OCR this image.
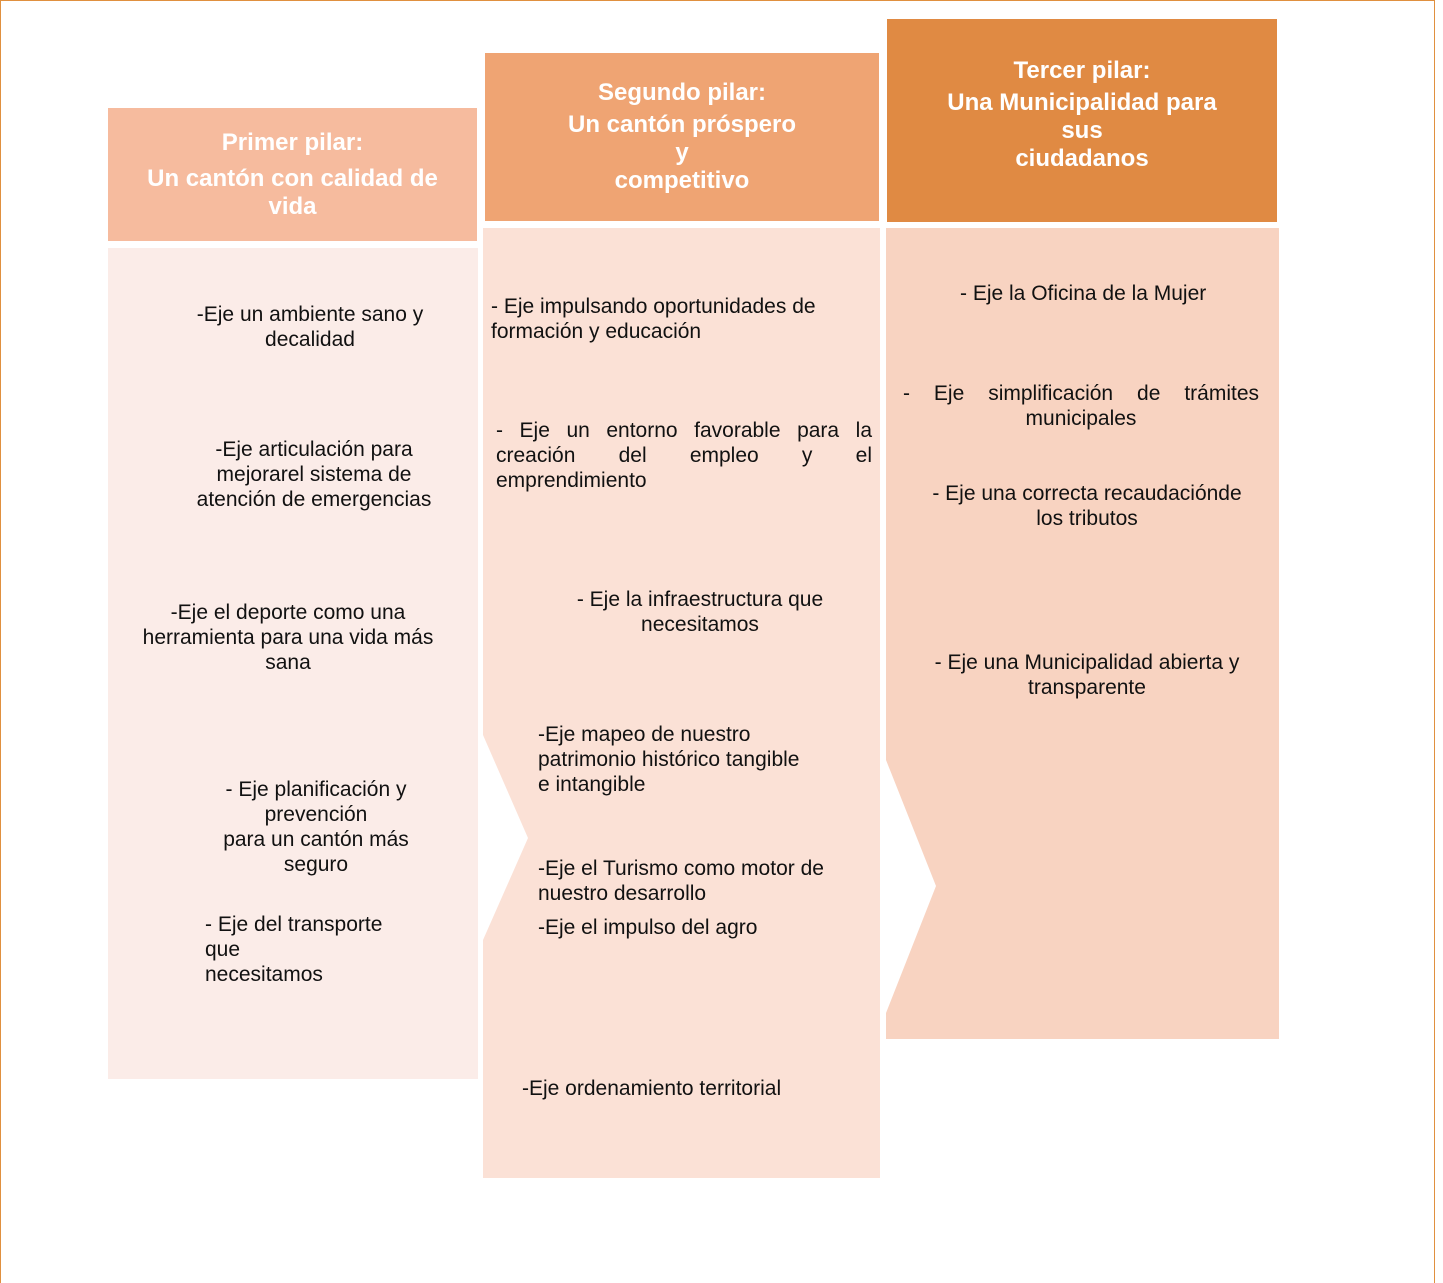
Primer pilar:
Un cantón con calidad de
vida
Segundo pilar:
Un cantón próspero
y
competitivo
Tercer pilar:
Una Municipalidad para
sus
ciudadanos
-Eje un ambiente sano y
decalidad
-Eje articulación para
mejorarel sistema de
atención de emergencias
-Eje el deporte como una
herramienta para una vida más
sana
- Eje planificación y
prevención
para un cantón más
seguro
- Eje del transporte
que
necesitamos
- Eje impulsando oportunidades de
formación y educación
- Eje un entorno favorable para la creación del empleo y el emprendimiento
- Eje la infraestructura que
necesitamos
-Eje mapeo de nuestro
patrimonio histórico tangible
e intangible
-Eje el Turismo como motor de
nuestro desarrollo
-Eje el impulso del agro
-Eje ordenamiento territorial
- Eje la Oficina de la Mujer
- Eje simplificación de trámites municipales
- Eje una correcta recaudaciónde
los tributos
- Eje una Municipalidad abierta y
transparente
